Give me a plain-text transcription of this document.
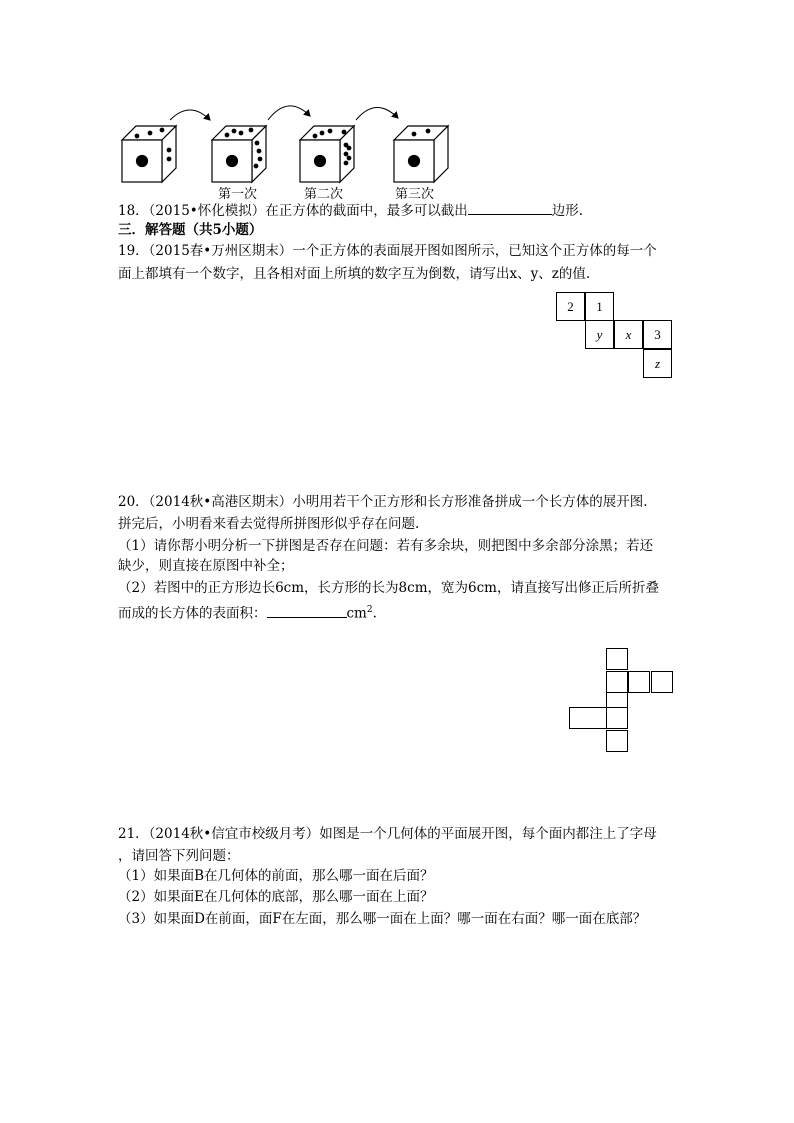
第一次	第二次	第三次
18．（2015•怀化模拟）在正方体的截面中，最多可以截出	边形.
三．解答题（共5小题）
19．（2015春•万州区期末）一个正方体的表面展开图如图所示，已知这个正方体的每一个
面上都填有一个数字，且各相对面上所填的数字互为倒数，请写出x、y、z的值.
2	1
y	x	3
z
20．（2014秋•高港区期末）小明用若干个正方形和长方形准备拼成一个长方体的展开图.
拼完后，小明看来看去觉得所拼图形似乎存在问题.
（1）请你帮小明分析一下拼图是否存在问题：若有多余块，则把图中多余部分涂黑；若还
缺少，则直接在原图中补全；
（2）若图中的正方形边长6cm，长方形的长为8cm，宽为6cm，请直接写出修正后所折叠
而成的长方体的表面积：	$cm^2$.
21．（2014秋•信宜市校级月考）如图是一个几何体的平面展开图，每个面内都注上了字母
，请回答下列问题：
（1）如果面B在几何体的前面，那么哪一面在后面？
（2）如果面E在几何体的底部，那么哪一面在上面？
（3）如果面D在前面，面F在左面，那么哪一面在上面？哪一面在右面？哪一面在底部？
